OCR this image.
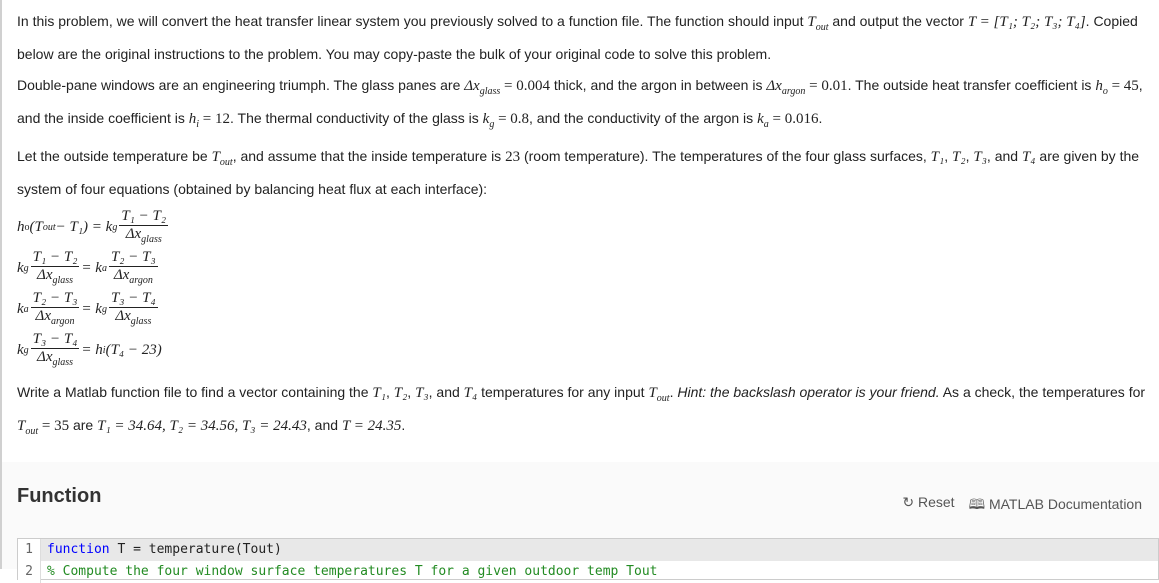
In this problem, we will convert the heat transfer linear system you previously solved to a function file. The function should input $T_{out}$ and output the vector T = [T₁; T₂; T₃; T₄]. Copied below are the original instructions to the problem. You may copy-paste the bulk of your original code to solve this problem.

Double-pane windows are an engineering triumph. The glass panes are $\Delta x_{glass} = 0.004$ thick, and the argon in between is $\Delta x_{argon} = 0.01$. The outside heat transfer coefficient is $h_o = 45$, and the inside coefficient is $h_i = 12$. The thermal conductivity of the glass is $k_g = 0.8$, and the conductivity of the argon is $k_a = 0.016$.

Let the outside temperature be $T_{out}$, and assume that the inside temperature is 23 (room temperature). The temperatures of the four glass surfaces, T₁, T₂, T₃, and T₄ are given by the system of four equations (obtained by balancing heat flux at each interface):

h o (T out − T₁) = k g $\frac{\text{T₁ − T₂}}{\Delta x_{glass}}$
k g $\frac{\text{T₁ − T₂}}{\Delta x_{glass}} = k$ a $\frac{\text{T₂ − T₃}}{\Delta x_{argon}}$
k a $\frac{\text{T₂ − T₃}}{\Delta x_{argon}} = k$ g $\frac{\text{T₃ − T₄}}{\Delta x_{glass}}$
k g $\frac{\text{T₃ − T₄}}{\Delta x_{glass}} = h$ i (T₄ − 23)

Write a Matlab function file to find a vector containing the T₁, T₂, T₃, and T₄ temperatures for any input $T_{out}$. Hint: the backslash operator is your friend. As a check, the temperatures for $T_{out} = 35$ are T₁ = 34.64, T₂ = 34.56, T₃ = 24.43, and T = 24.35.

Function	↻ Reset 🕮 MATLAB Documentation
1	function T = temperature(Tout)
2	% Compute the four window surface temperatures T for a given outdoor temp Tout
